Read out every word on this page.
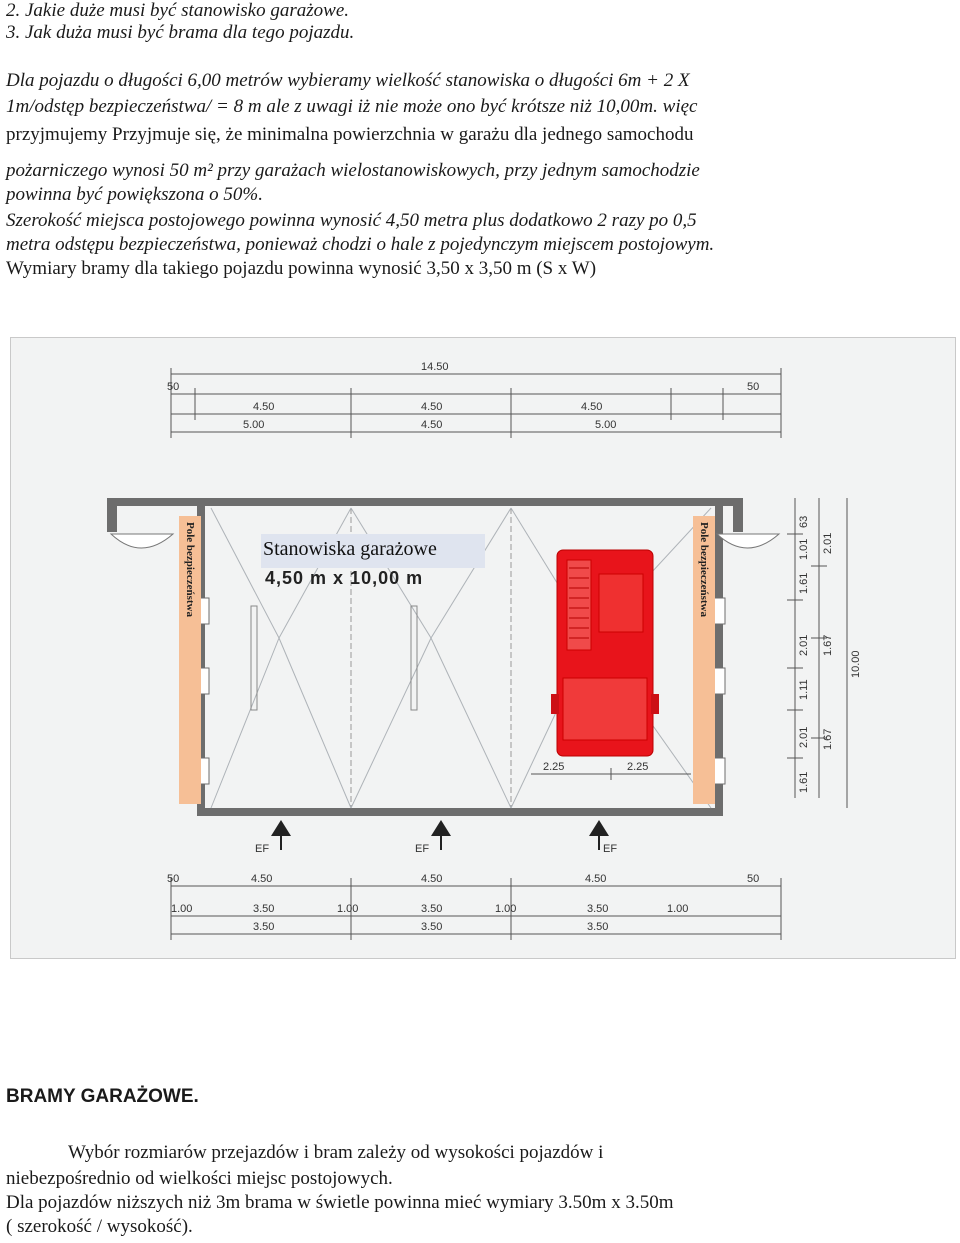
2. Jakie duże musi być stanowisko garażowe.
3. Jak duża musi być brama dla tego pojazdu.
Dla pojazdu o długości 6,00 metrów wybieramy wielkość stanowiska o długości 6m + 2 X
1m/odstęp bezpieczeństwa/ = 8 m ale z uwagi iż nie może ono być krótsze niż 10,00m. więc
przyjmujemy Przyjmuje się, że minimalna powierzchnia w garażu dla jednego samochodu
pożarniczego wynosi 50 m² przy garażach wielostanowiskowych, przy jednym samochodzie
powinna być powiększona o 50%.
Szerokość miejsca postojowego powinna wynosić 4,50 metra plus dodatkowo 2 razy po 0,5
metra odstępu bezpieczeństwa, ponieważ chodzi o hale z pojedynczym miejscem postojowym.
Wymiary bramy dla takiego pojazdu powinna wynosić 3,50 x 3,50 m (S x W)
14.50
50
4.50	4.50	4.50
50
5.00	4.50	5.00
2.25	2.25
1.61
2.01
1.11
2.01
1.61
1.01
63
1.67
1.67
2.01
10.00
EF	EF	EF
50	4.50	4.50	4.50	50
1.00	3.50	1.00	3.50	1.00	3.50	1.00
3.50	3.50	3.50
Pole bezpieczeństwa	Pole bezpieczeństwa
Stanowiska garażowe
4,50 m x 10,00 m
BRAMY GARAŻOWE.
Wybór rozmiarów przejazdów i bram zależy od wysokości pojazdów i
niebezpośrednio od wielkości miejsc postojowych.
Dla pojazdów niższych niż 3m brama w świetle powinna mieć wymiary 3.50m x 3.50m
( szerokość / wysokość).
